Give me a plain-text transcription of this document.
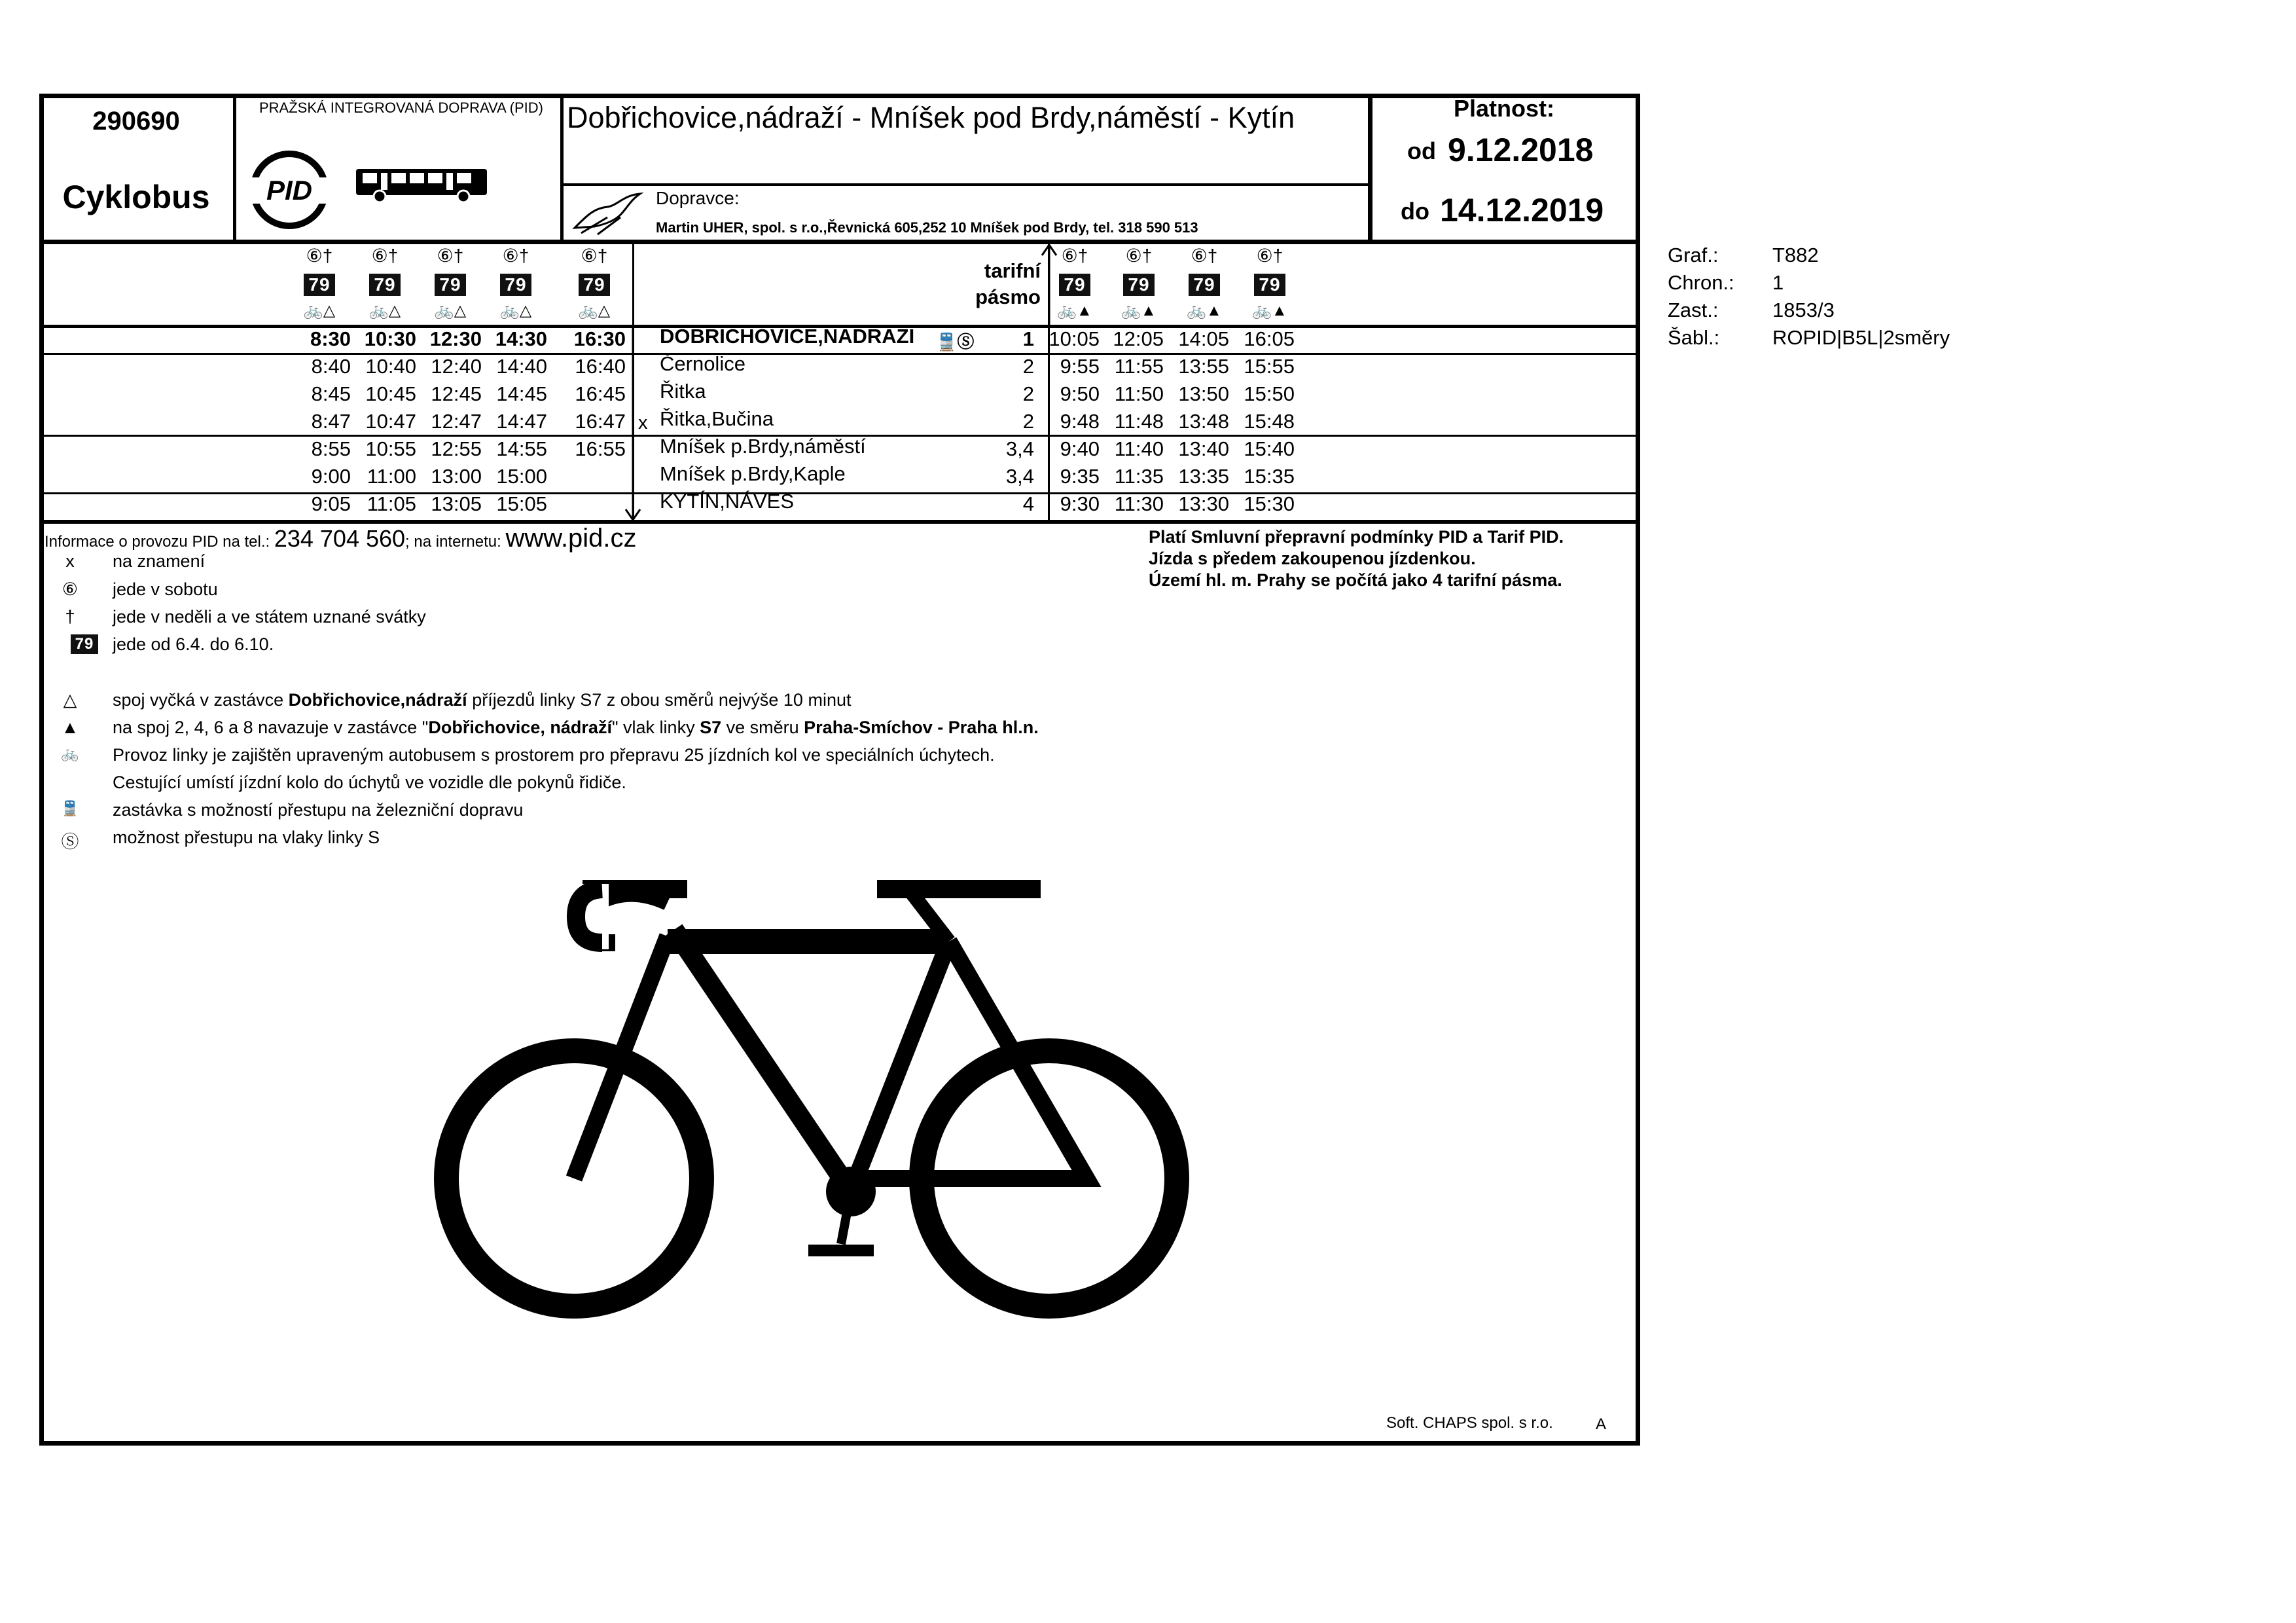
290690
Cyklobus
PRAŽSKÁ INTEGROVANÁ DOPRAVA (PID)
PID
Dobřichovice,nádraží - Mníšek pod Brdy,náměstí - Kytín
Dopravce:
Martin UHER, spol. s r.o.,Řevnická 605,252 10 Mníšek pod Brdy, tel. 318 590 513
Platnost:
od 9.12.2018
do 14.12.2019
Graf.:	T882
Chron.: 1
Zast.:	1853/3
Šabl.:	ROPID|B5L|2směry
tarifní pásmo
⑥†
79
🚲△
⑥†
79
🚲△
⑥†
79
🚲△
⑥†
79
🚲△
⑥†
79
🚲△
⑥†
79
🚲▲
⑥†
79
🚲▲
⑥†
79
🚲▲
⑥†
79
🚲▲
8:30 10:30 12:30 14:30	16:30 DOBŘICHOVICE,NÁDRAŽÍ 🚆Ⓢ	1 10:05 12:05 14:05 16:05
8:40 10:40 12:40 14:40	16:40 Černolice	2	9:55 11:55 13:55 15:55
8:45 10:45 12:45 14:45	16:45 Řitka	2	9:50 11:50 13:50 15:50
8:47 10:47 12:47 14:47	16:47 x Řitka,Bučina	2	9:48 11:48 13:48 15:48
8:55 10:55 12:55 14:55	16:55 Mníšek p.Brdy,náměstí	3,4	9:40 11:40 13:40 15:40
9:00 11:00 13:00 15:00	Mníšek p.Brdy,Kaple	3,4	9:35 11:35 13:35 15:35
9:05 11:05 13:05 15:05	KYTÍN,NÁVES	4	9:30 11:30 13:30 15:30
Informace o provozu PID na tel.: 234 704 560; na internetu: www.pid.cz	Platí Smluvní přepravní podmínky PID a Tarif PID.
Jízda s předem zakoupenou jízdenkou.
Území hl. m. Prahy se počítá jako 4 tarifní pásma.
x	na znamení
⑥	jede v sobotu
†	jede v neděli a ve státem uznané svátky
79 jede od 6.4. do 6.10.
△	spoj vyčká v zastávce Dobřichovice,nádraží příjezdů linky S7 z obou směrů nejvýše 10 minut
▲	na spoj 2, 4, 6 a 8 navazuje v zastávce "Dobřichovice, nádraží" vlak linky S7 ve směru Praha-Smíchov - Praha hl.n.
🚲	Provoz linky je zajištěn upraveným autobusem s prostorem pro přepravu 25 jízdních kol ve speciálních úchytech.
Cestující umístí jízdní kolo do úchytů ve vozidle dle pokynů řidiče.
🚆	zastávka s možností přestupu na železniční dopravu
Ⓢ	možnost přestupu na vlaky linky S
Soft. CHAPS spol. s r.o.	A
